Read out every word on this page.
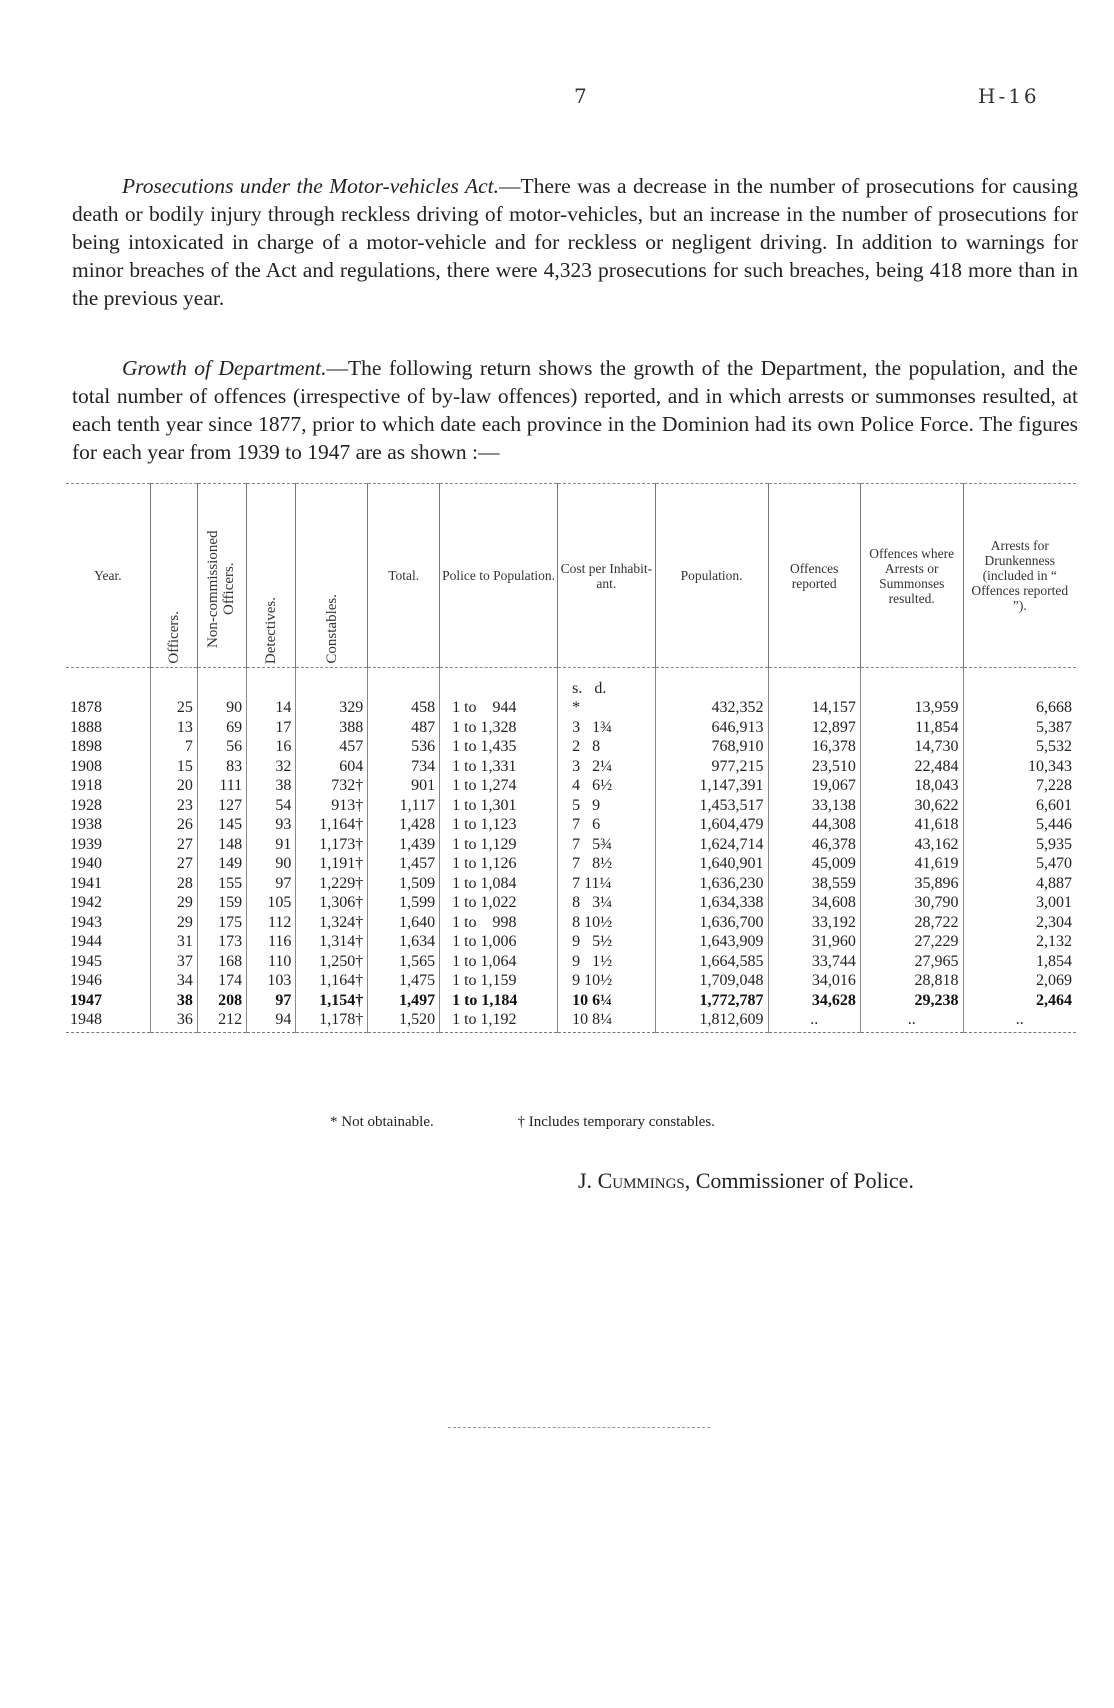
7	H-16

Prosecutions under the Motor-vehicles Act.—There was a decrease in the number of prosecutions for causing death or bodily injury through reckless driving of motor-vehicles, but an increase in the number of prosecutions for being intoxicated in charge of a motor-vehicle and for reckless or negligent driving. In addition to warnings for minor breaches of the Act and regulations, there were 4,323 prosecutions for such breaches, being 418 more than in the previous year.

Growth of Department.—The following return shows the growth of the Department, the population, and the total number of offences (irrespective of by-law offences) reported, and in which arrests or summonses resulted, at each tenth year since 1877, prior to which date each province in the Dominion had its own Police Force. The figures for each year from 1939 to 1947 are as shown :—

Year.	Officers.	Non-commissioned Officers.	Detectives.	Constables.	Total.	Police to Population.	Cost per Inhabit-ant.	Population.	Offences reported	Offences where Arrests or Summonses resulted.	Arrests for Drunkenness (included in “ Offences reported ”).
							s.   d.				
1878	25	90	14	329	458	1 to    944	*	432,352	14,157	13,959	6,668
1888	13	69	17	388	487	1 to 1,328	3   1¾	646,913	12,897	11,854	5,387
1898	7	56	16	457	536	1 to 1,435	2   8	768,910	16,378	14,730	5,532
1908	15	83	32	604	734	1 to 1,331	3   2¼	977,215	23,510	22,484	10,343
1918	20	111	38	732†	901	1 to 1,274	4   6½	1,147,391	19,067	18,043	7,228
1928	23	127	54	913†	1,117	1 to 1,301	5   9	1,453,517	33,138	30,622	6,601
1938	26	145	93	1,164†	1,428	1 to 1,123	7   6	1,604,479	44,308	41,618	5,446
1939	27	148	91	1,173†	1,439	1 to 1,129	7   5¾	1,624,714	46,378	43,162	5,935
1940	27	149	90	1,191†	1,457	1 to 1,126	7   8½	1,640,901	45,009	41,619	5,470
1941	28	155	97	1,229†	1,509	1 to 1,084	7 11¼	1,636,230	38,559	35,896	4,887
1942	29	159	105	1,306†	1,599	1 to 1,022	8   3¼	1,634,338	34,608	30,790	3,001
1943	29	175	112	1,324†	1,640	1 to    998	8 10½	1,636,700	33,192	28,722	2,304
1944	31	173	116	1,314†	1,634	1 to 1,006	9   5½	1,643,909	31,960	27,229	2,132
1945	37	168	110	1,250†	1,565	1 to 1,064	9   1½	1,664,585	33,744	27,965	1,854
1946	34	174	103	1,164†	1,475	1 to 1,159	9 10½	1,709,048	34,016	28,818	2,069
1947	38	208	97	1,154†	1,497	1 to 1,184	10 6¼	1,772,787	34,628	29,238	2,464
1948	36	212	94	1,178†	1,520	1 to 1,192	10 8¼	1,812,609	..	..	..
* Not obtainable.	† Includes temporary constables.
J. Cummings, Commissioner of Police.
